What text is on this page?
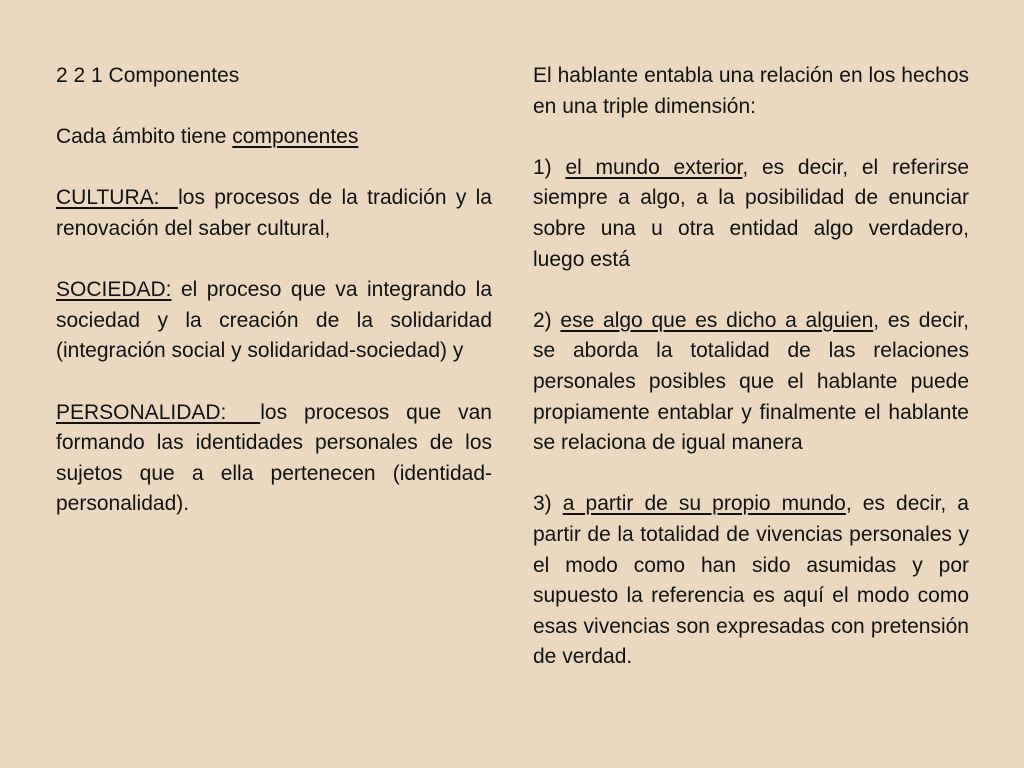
2 2 1 Componentes

Cada ámbito tiene componentes

CULTURA:  los procesos de la tradición y la renovación del saber cultural,

SOCIEDAD: el proceso que va integrando la sociedad y la creación de la solidaridad (integración social y solidaridad-sociedad) y

PERSONALIDAD:  los procesos que van formando las identidades personales de los sujetos que a ella pertenecen (identidad-personalidad).

El hablante entabla una relación en los hechos en una triple dimensión:

1) el mundo exterior, es decir, el referirse siempre a algo, a la posibilidad de enunciar sobre una u otra entidad algo verdadero, luego está

2) ese algo que es dicho a alguien, es decir, se aborda la totalidad de las relaciones personales posibles que el hablante puede propiamente entablar y finalmente el hablante se relaciona de igual manera

3) a partir de su propio mundo, es decir, a partir de la totalidad de vivencias personales y el modo como han sido asumidas y por supuesto la referencia es aquí el modo como esas vivencias son expresadas con pretensión de verdad.
